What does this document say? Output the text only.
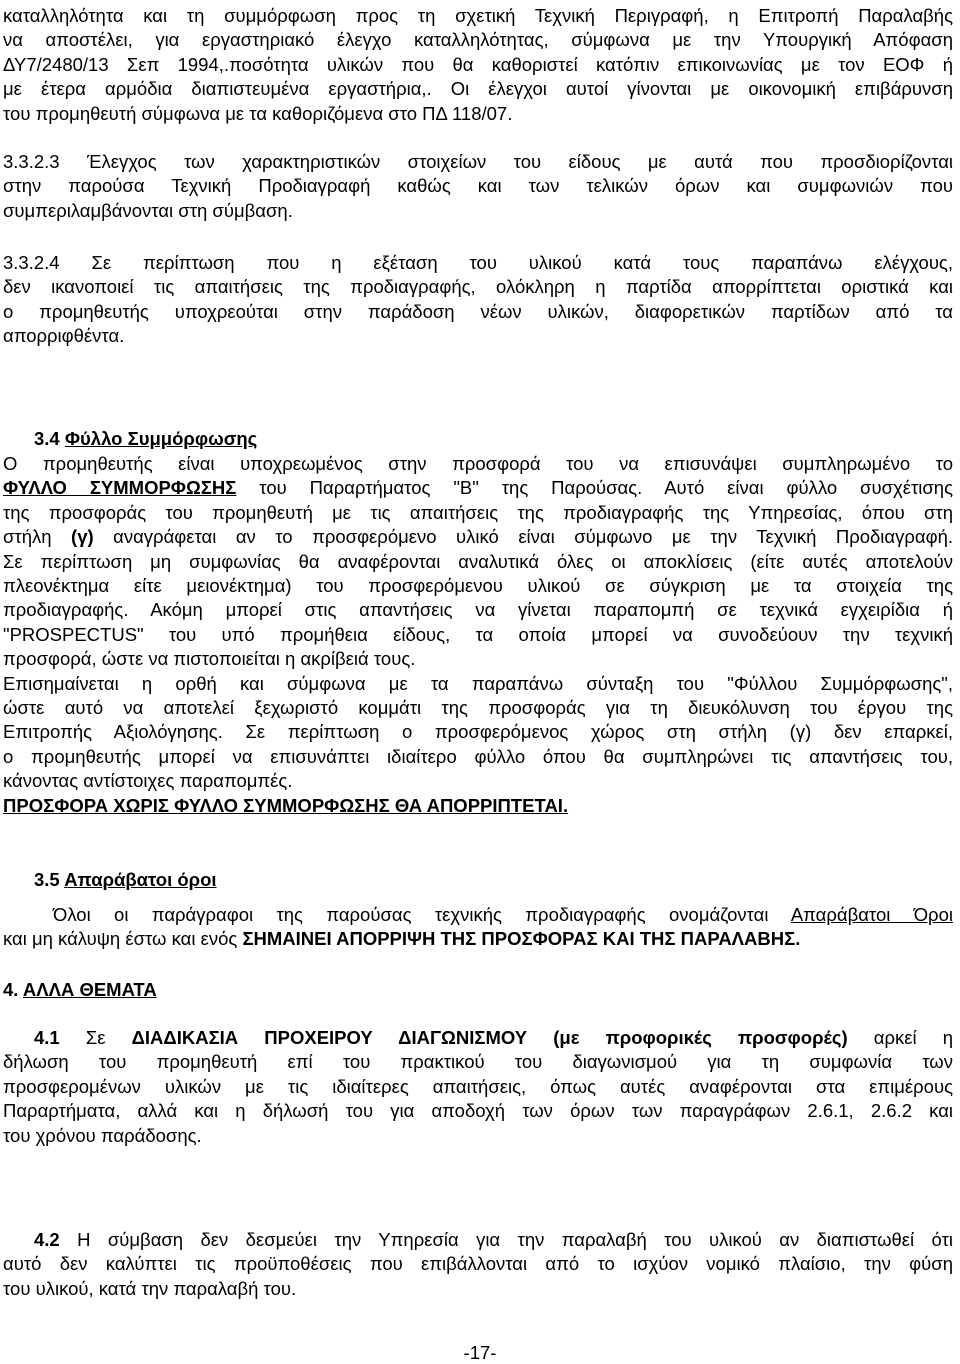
καταλληλότητα και τη συμμόρφωση προς τη σχετική Τεχνική Περιγραφή, η Επιτροπή Παραλαβής
να αποστέλει, για εργαστηριακό έλεγχο καταλληλότητας, σύμφωνα με την Υπουργική Απόφαση
ΔΥ7/2480/13 Σεπ 1994,.ποσότητα υλικών που θα καθοριστεί κατόπιν επικοινωνίας με τον ΕΟΦ ή
με έτερα αρμόδια διαπιστευμένα εργαστήρια,. Οι έλεγχοι αυτοί γίνονται με οικονομική επιβάρυνση
του προμηθευτή σύμφωνα με τα καθοριζόμενα στο ΠΔ 118/07.
3.3.2.3 Έλεγχος των χαρακτηριστικών στοιχείων του είδους με αυτά που προσδιορίζονται
στην παρούσα Τεχνική Προδιαγραφή καθώς και των τελικών όρων και συμφωνιών που
συμπεριλαμβάνονται στη σύμβαση.
3.3.2.4 Σε περίπτωση που η εξέταση του υλικού κατά τους παραπάνω ελέγχους,
δεν ικανοποιεί τις απαιτήσεις της προδιαγραφής, ολόκληρη η παρτίδα απορρίπτεται οριστικά και
ο προμηθευτής υποχρεούται στην παράδοση νέων υλικών, διαφορετικών παρτίδων από τα
απορριφθέντα.
3.4 Φύλλο Συμμόρφωσης
Ο προμηθευτής είναι υποχρεωμένος στην προσφορά του να επισυνάψει συμπληρωμένο το
ΦΥΛΛΟ ΣΥΜΜΟΡΦΩΣΗΣ του Παραρτήματος "Β" της Παρούσας. Αυτό είναι φύλλο συσχέτισης
της προσφοράς του προμηθευτή με τις απαιτήσεις της προδιαγραφής της Υπηρεσίας, όπου στη
στήλη (γ) αναγράφεται αν το προσφερόμενο υλικό είναι σύμφωνο με την Τεχνική Προδιαγραφή.
Σε περίπτωση μη συμφωνίας θα αναφέρονται αναλυτικά όλες οι αποκλίσεις (είτε αυτές αποτελούν
πλεονέκτημα είτε μειονέκτημα) του προσφερόμενου υλικού σε σύγκριση με τα στοιχεία της
προδιαγραφής. Ακόμη μπορεί στις απαντήσεις να γίνεται παραπομπή σε τεχνικά εγχειρίδια ή
"PROSPECTUS" του υπό προμήθεια είδους, τα οποία μπορεί να συνοδεύουν την τεχνική
προσφορά, ώστε να πιστοποιείται η ακρίβειά τους.
Επισημαίνεται η ορθή και σύμφωνα με τα παραπάνω σύνταξη του "Φύλλου Συμμόρφωσης",
ώστε αυτό να αποτελεί ξεχωριστό κομμάτι της προσφοράς για τη διευκόλυνση του έργου της
Επιτροπής Αξιολόγησης. Σε περίπτωση ο προσφερόμενος χώρος στη στήλη (γ) δεν επαρκεί,
ο προμηθευτής μπορεί να επισυνάπτει ιδιαίτερο φύλλο όπου θα συμπληρώνει τις απαντήσεις του,
κάνοντας αντίστοιχες παραπομπές.
ΠΡΟΣΦΟΡΑ ΧΩΡΙΣ ΦΥΛΛΟ ΣΥΜΜΟΡΦΩΣΗΣ ΘΑ ΑΠΟΡΡΙΠΤΕΤΑΙ.
3.5 Απαράβατοι όροι
Όλοι οι παράγραφοι της παρούσας τεχνικής προδιαγραφής ονομάζονται Απαράβατοι Όροι
και μη κάλυψη έστω και ενός ΣΗΜΑΙΝΕΙ ΑΠΟΡΡΙΨΗ ΤΗΣ ΠΡΟΣΦΟΡΑΣ ΚΑΙ ΤΗΣ ΠΑΡΑΛΑΒΗΣ.
4. ΑΛΛΑ ΘΕΜΑΤΑ
4.1 Σε ΔΙΑΔΙΚΑΣΙΑ ΠΡΟΧΕΙΡΟΥ ΔΙΑΓΩΝΙΣΜΟΥ (με προφορικές προσφορές) αρκεί η
δήλωση του προμηθευτή επί του πρακτικού του διαγωνισμού για τη συμφωνία των
προσφερομένων υλικών με τις ιδιαίτερες απαιτήσεις, όπως αυτές αναφέρονται στα επιμέρους
Παραρτήματα, αλλά και η δήλωσή του για αποδοχή των όρων των παραγράφων 2.6.1, 2.6.2 και
του χρόνου παράδοσης.
4.2 Η σύμβαση δεν δεσμεύει την Υπηρεσία για την παραλαβή του υλικού αν διαπιστωθεί ότι
αυτό δεν καλύπτει τις προϋποθέσεις που επιβάλλονται από το ισχύον νομικό πλαίσιο, την φύση
του υλικού, κατά την παραλαβή του.
-17-
